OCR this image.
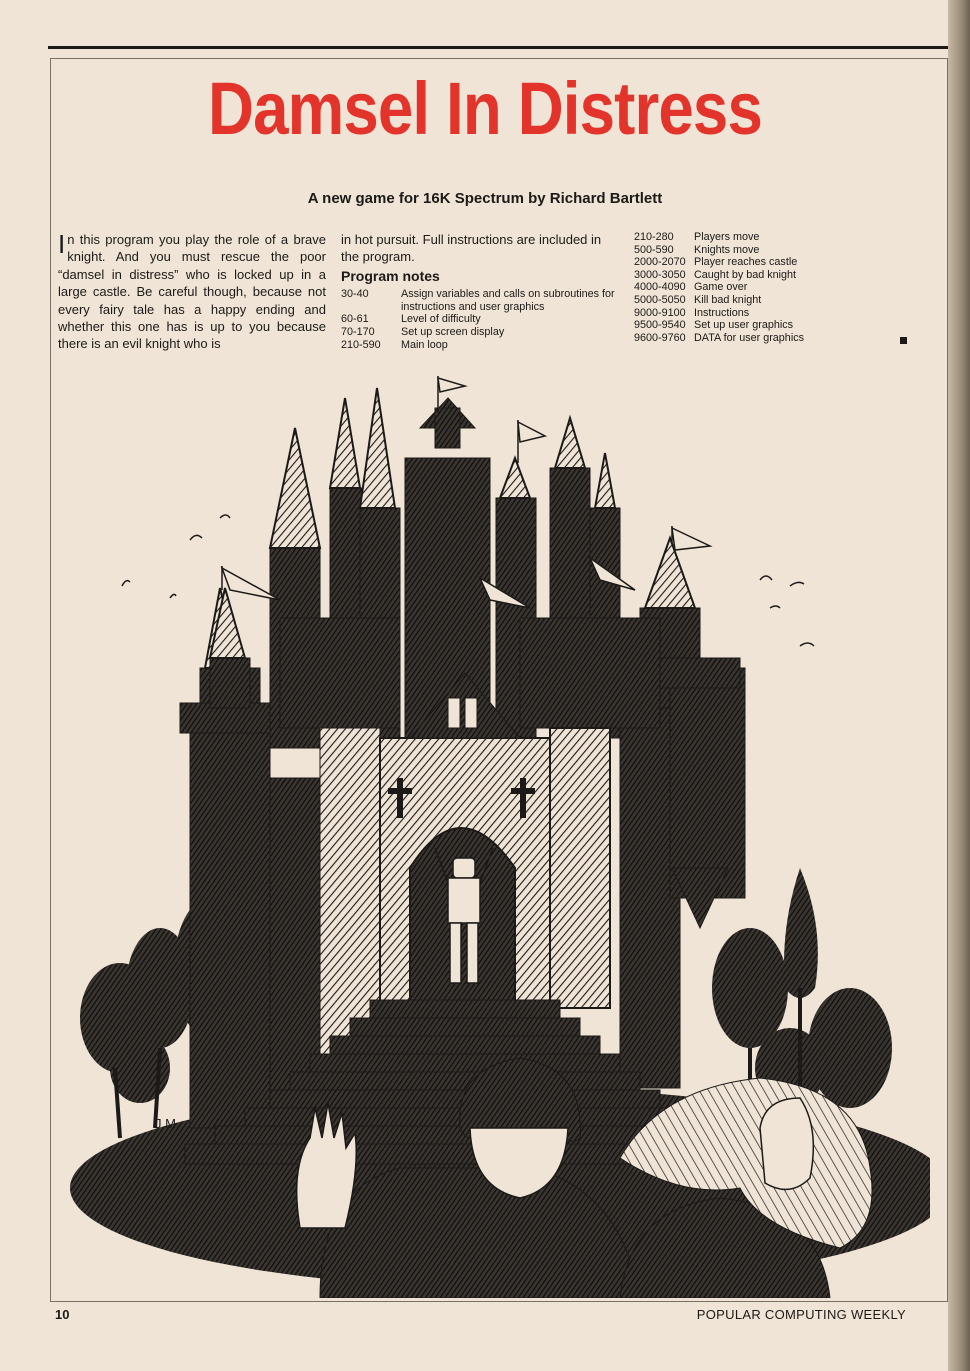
Damsel In Distress
A new game for 16K Spectrum by Richard Bartlett
In this program you play the role of a brave knight. And you must rescue the poor “damsel in distress” who is locked up in a large castle. Be careful though, because not every fairy tale has a happy ending and whether this one has is up to you because there is an evil knight who is
in hot pursuit. Full instructions are included in the program.
Program notes
30-40	Assign variables and calls on subroutines for instructions and user graphics
60-61	Level of difficulty
70-170	Set up screen display
210-590	Main loop
210-280	Players move
500-590	Knights move
2000-2070 Player reaches castle
3000-3050 Caught by bad knight
4000-4090 Game over
5000-5050 Kill bad knight
9000-9100 Instructions
9500-9540 Set up user graphics
9600-9760 DATA for user graphics
J.M.
10	POPULAR COMPUTING WEEKLY
